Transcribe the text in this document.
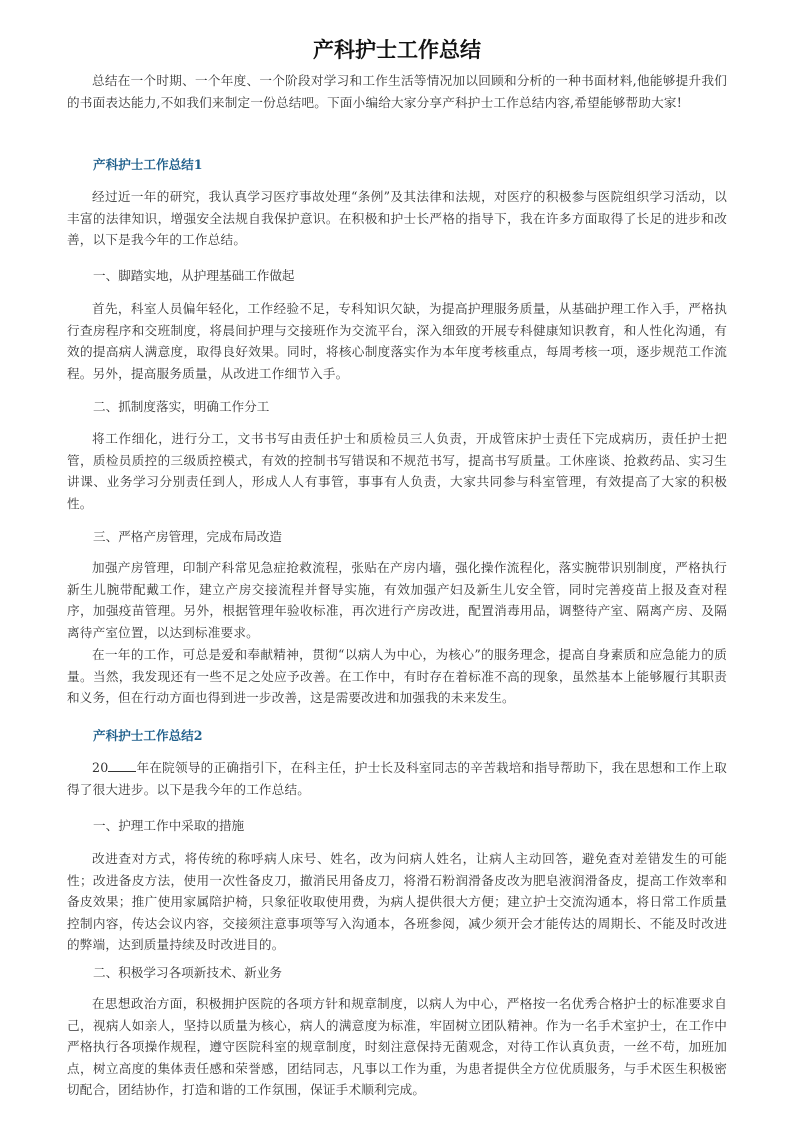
产科护士工作总结

总结在一个时期、一个年度、一个阶段对学习和工作生活等情况加以回顾和分析的一种书面材料,他能够提升我们的书面表达能力,不如我们来制定一份总结吧。下面小编给大家分享产科护士工作总结内容,希望能够帮助大家!

产科护士工作总结1

经过近一年的研究，我认真学习医疗事故处理“条例”及其法律和法规，对医疗的积极参与医院组织学习活动，以丰富的法律知识，增强安全法规自我保护意识。在积极和护士长严格的指导下，我在许多方面取得了长足的进步和改善，以下是我今年的工作总结。

一、脚踏实地，从护理基础工作做起

首先，科室人员偏年轻化，工作经验不足，专科知识欠缺，为提高护理服务质量，从基础护理工作入手，严格执行查房程序和交班制度，将晨间护理与交接班作为交流平台，深入细致的开展专科健康知识教育，和人性化沟通，有效的提高病人满意度，取得良好效果。同时，将核心制度落实作为本年度考核重点，每周考核一项，逐步规范工作流程。另外，提高服务质量，从改进工作细节入手。

二、抓制度落实，明确工作分工

将工作细化，进行分工，文书书写由责任护士和质检员三人负责，开成管床护士责任下完成病历，责任护士把管，质检员质控的三级质控模式，有效的控制书写错误和不规范书写，提高书写质量。工休座谈、抢救药品、实习生讲课、业务学习分别责任到人，形成人人有事管，事事有人负责，大家共同参与科室管理，有效提高了大家的积极性。

三、严格产房管理，完成布局改造

加强产房管理，印制产科常见急症抢救流程，张贴在产房内墙，强化操作流程化，落实腕带识别制度，严格执行新生儿腕带配戴工作，建立产房交接流程并督导实施，有效加强产妇及新生儿安全管，同时完善疫苗上报及查对程序，加强疫苗管理。另外，根据管理年验收标准，再次进行产房改进，配置消毒用品，调整待产室、隔离产房、及隔离待产室位置，以达到标准要求。

在一年的工作，可总是爱和奉献精神，贯彻“以病人为中心，为核心”的服务理念，提高自身素质和应急能力的质量。当然，我发现还有一些不足之处应予改善。在工作中，有时存在着标准不高的现象，虽然基本上能够履行其职责和义务，但在行动方面也得到进一步改善，这是需要改进和加强我的未来发生。

产科护士工作总结2

20 年在院领导的正确指引下，在科主任，护士长及科室同志的辛苦栽培和指导帮助下，我在思想和工作上取得了很大进步。以下是我今年的工作总结。

一、护理工作中采取的措施

改进查对方式，将传统的称呼病人床号、姓名，改为问病人姓名，让病人主动回答，避免查对差错发生的可能性；改进备皮方法，使用一次性备皮刀，撤消民用备皮刀，将滑石粉润滑备皮改为肥皂液润滑备皮，提高工作效率和备皮效果；推广使用家属陪护椅，只象征收取使用费，为病人提供很大方便；建立护士交流沟通本，将日常工作质量控制内容，传达会议内容，交接须注意事项等写入沟通本，各班参阅，减少须开会才能传达的周期长、不能及时改进的弊端，达到质量持续及时改进目的。

二、积极学习各项新技术、新业务

在思想政治方面，积极拥护医院的各项方针和规章制度，以病人为中心，严格按一名优秀合格护士的标准要求自己，视病人如亲人，坚持以质量为核心，病人的满意度为标准，牢固树立团队精神。作为一名手术室护士，在工作中严格执行各项操作规程，遵守医院科室的规章制度，时刻注意保持无菌观念，对待工作认真负责，一丝不苟，加班加点，树立高度的集体责任感和荣誉感，团结同志，凡事以工作为重，为患者提供全方位优质服务，与手术医生积极密切配合，团结协作，打造和谐的工作氛围，保证手术顺利完成。
